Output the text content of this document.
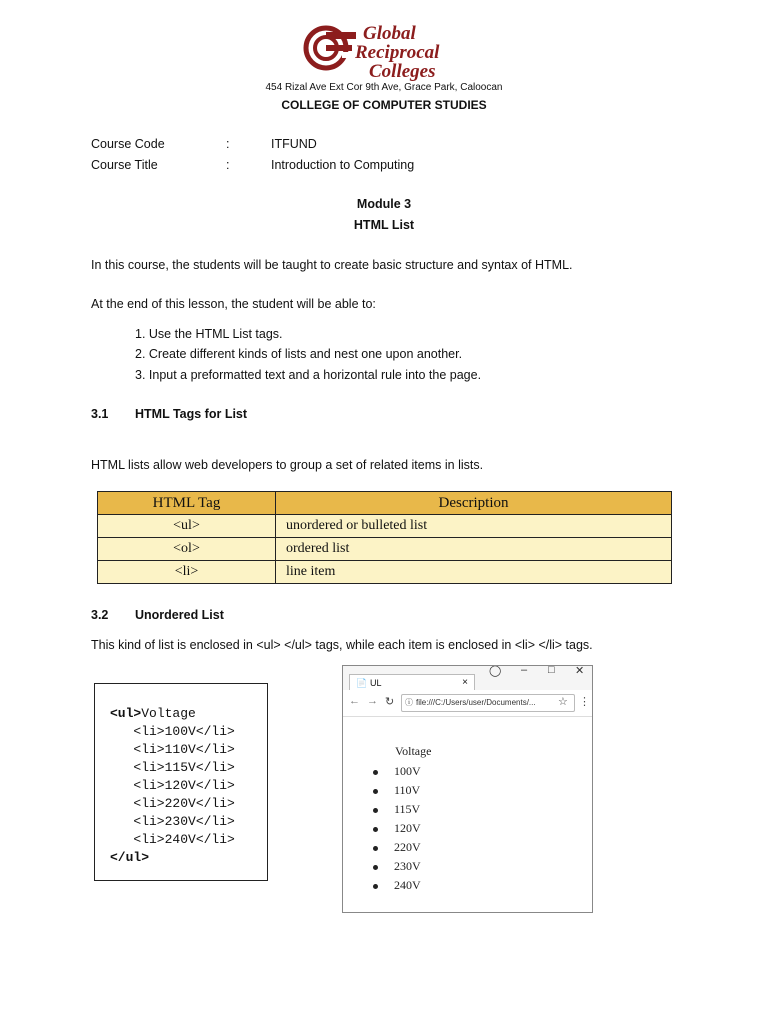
Global
Reciprocal
Colleges
454 Rizal Ave Ext Cor 9th Ave, Grace Park, Caloocan
COLLEGE OF COMPUTER STUDIES
Course Code	:	ITFUND
Course Title	:	Introduction to Computing
Module 3
HTML List
In this course, the students will be taught to create basic structure and syntax of HTML.
At the end of this lesson, the student will be able to:
1. Use the HTML List tags.
2. Create different kinds of lists and nest one upon another.
3. Input a preformatted text and a horizontal rule into the page.
3.1 HTML Tags for List
HTML lists allow web developers to group a set of related items in lists.
HTML Tag	Description
<ul>	unordered or bulleted list
<ol>	ordered list
<li>	line item
3.2 Unordered List
This kind of list is enclosed in <ul> </ul> tags, while each item is enclosed in <li> </li> tags.
<ul>Voltage
<li>100V</li>
<li>110V</li>
<li>115V</li>
<li>120V</li>
<li>220V</li>
<li>230V</li>
<li>240V</li>
</ul>
◯ – □ ✕
📄 UL	×
← → ↻	ⓘ file:///C:/Users/user/Documents/...	☆ ⋮
Voltage
100V
110V
115V
120V
220V
230V
240V
